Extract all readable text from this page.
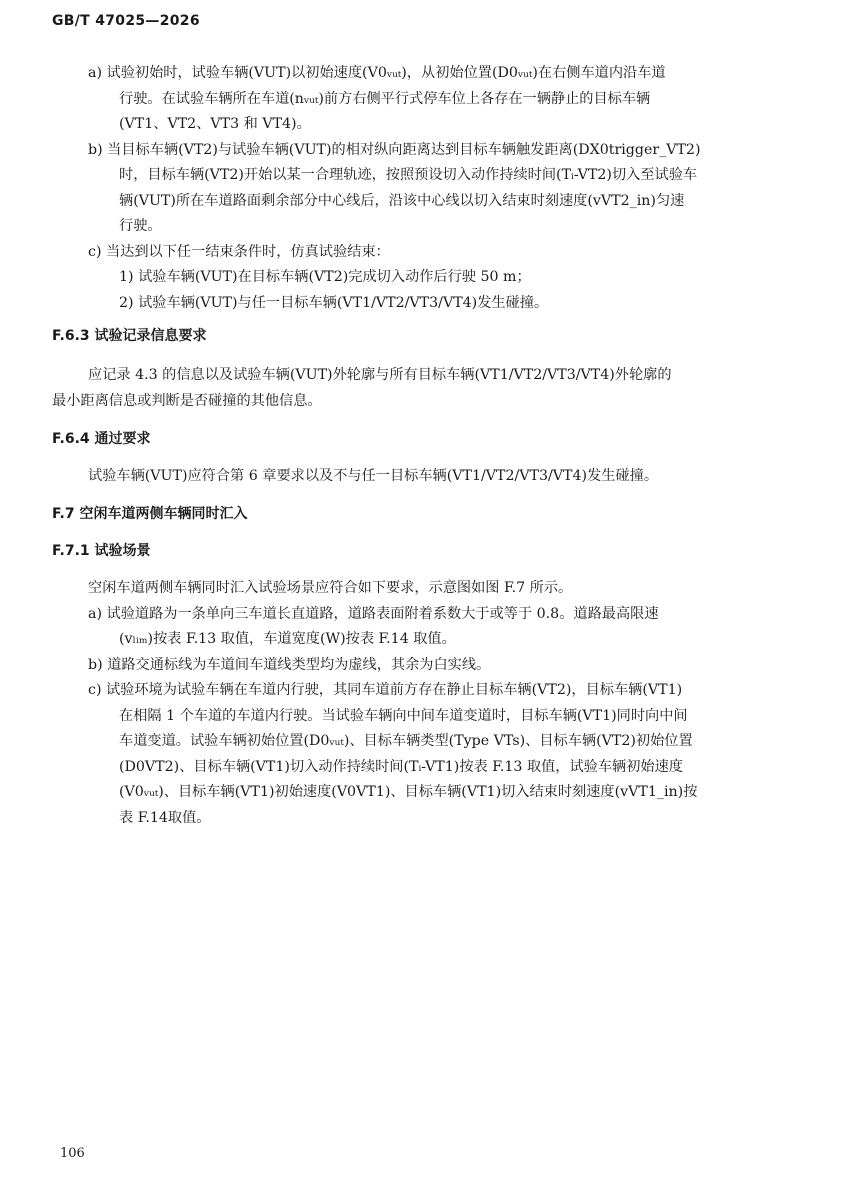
GB/T 47025—2026
a) 试验初始时，试验车辆(VUT)以初始速度(V0ᵥᵤₜ)，从初始位置(D0ᵥᵤₜ)在右侧车道内沿车道
行驶。在试验车辆所在车道(nᵥᵤₜ)前方右侧平行式停车位上各存在一辆静止的目标车辆
(VT1、VT2、VT3 和 VT4)。
b) 当目标车辆(VT2)与试验车辆(VUT)的相对纵向距离达到目标车辆触发距离(DX0trigger_VT2)
时，目标车辆(VT2)开始以某一合理轨迹，按照预设切入动作持续时间(Tᵢ-VT2)切入至试验车
辆(VUT)所在车道路面剩余部分中心线后，沿该中心线以切入结束时刻速度(vVT2_in)匀速
行驶。
c) 当达到以下任一结束条件时，仿真试验结束：
1) 试验车辆(VUT)在目标车辆(VT2)完成切入动作后行驶 50 m；
2) 试验车辆(VUT)与任一目标车辆(VT1/VT2/VT3/VT4)发生碰撞。
F.6.3 试验记录信息要求
应记录 4.3 的信息以及试验车辆(VUT)外轮廓与所有目标车辆(VT1/VT2/VT3/VT4)外轮廓的
最小距离信息或判断是否碰撞的其他信息。
F.6.4 通过要求
试验车辆(VUT)应符合第 6 章要求以及不与任一目标车辆(VT1/VT2/VT3/VT4)发生碰撞。
F.7 空闲车道两侧车辆同时汇入
F.7.1 试验场景
空闲车道两侧车辆同时汇入试验场景应符合如下要求，示意图如图 F.7 所示。
a) 试验道路为一条单向三车道长直道路，道路表面附着系数大于或等于 0.8。道路最高限速
(vₗᵢₘ)按表 F.13 取值，车道宽度(W)按表 F.14 取值。
b) 道路交通标线为车道间车道线类型均为虚线，其余为白实线。
c) 试验环境为试验车辆在车道内行驶，其同车道前方存在静止目标车辆(VT2)，目标车辆(VT1)
在相隔 1 个车道的车道内行驶。当试验车辆向中间车道变道时，目标车辆(VT1)同时向中间
车道变道。试验车辆初始位置(D0ᵥᵤₜ)、目标车辆类型(Type VTs)、目标车辆(VT2)初始位置
(D0VT2)、目标车辆(VT1)切入动作持续时间(Tᵢ-VT1)按表 F.13 取值，试验车辆初始速度
(V0ᵥᵤₜ)、目标车辆(VT1)初始速度(V0VT1)、目标车辆(VT1)切入结束时刻速度(vVT1_in)按
表 F.14取值。
106
